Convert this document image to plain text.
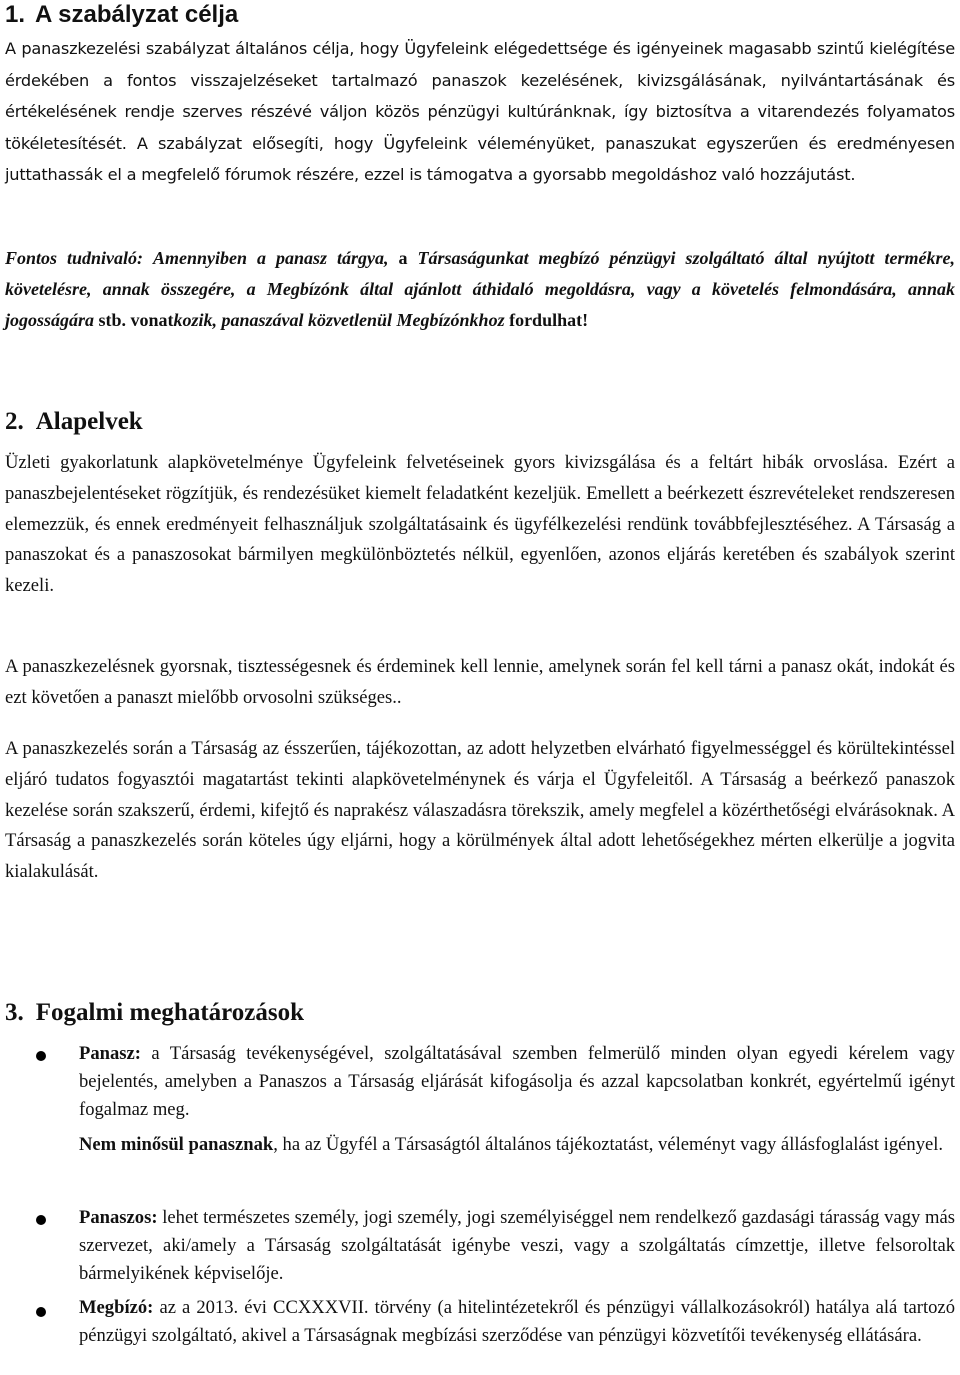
1. A szabályzat célja

A panaszkezelési szabályzat általános célja, hogy Ügyfeleink elégedettsége és igényeinek magasabb szintű kielégítése érdekében a fontos visszajelzéseket tartalmazó panaszok kezelésének, kivizsgálásának, nyilvántartásának és értékelésének rendje szerves részévé váljon közös pénzügyi kultúránknak, így biztosítva a vitarendezés folyamatos tökéletesítését. A szabályzat elősegíti, hogy Ügyfeleink véleményüket, panaszukat egyszerűen és eredményesen juttathassák el a megfelelő fórumok részére, ezzel is támogatva a gyorsabb megoldáshoz való hozzájutást.

Fontos tudnivaló: Amennyiben a panasz tárgya, a Társaságunkat megbízó pénzügyi szolgáltató által nyújtott termékre, követelésre, annak összegére, a Megbízónk által ajánlott áthidaló megoldásra, vagy a követelés felmondására, annak jogosságára stb. vonatkozik, panaszával közvetlenül Megbízónkhoz fordulhat!

2. Alapelvek

Üzleti gyakorlatunk alapkövetelménye Ügyfeleink felvetéseinek gyors kivizsgálása és a feltárt hibák orvoslása. Ezért a panaszbejelentéseket rögzítjük, és rendezésüket kiemelt feladatként kezeljük. Emellett a beérkezett észrevételeket rendszeresen elemezzük, és ennek eredményeit felhasználjuk szolgáltatásaink és ügyfélkezelési rendünk továbbfejlesztéséhez. A Társaság a panaszokat és a panaszosokat bármilyen megkülönböztetés nélkül, egyenlően, azonos eljárás keretében és szabályok szerint kezeli.

A panaszkezelésnek gyorsnak, tisztességesnek és érdeminek kell lennie, amelynek során fel kell tárni a panasz okát, indokát és ezt követően a panaszt mielőbb orvosolni szükséges..

A panaszkezelés során a Társaság az ésszerűen, tájékozottan, az adott helyzetben elvárható figyelmességgel és körültekintéssel eljáró tudatos fogyasztói magatartást tekinti alapkövetelménynek és várja el Ügyfeleitől. A Társaság a beérkező panaszok kezelése során szakszerű, érdemi, kifejtő és naprakész válaszadásra törekszik, amely megfelel a közérthetőségi elvárásoknak. A Társaság a panaszkezelés során köteles úgy eljárni, hogy a körülmények által adott lehetőségekhez mérten elkerülje a jogvita kialakulását.

3. Fogalmi meghatározások

Panasz: a Társaság tevékenységével, szolgáltatásával szemben felmerülő minden olyan egyedi kérelem vagy bejelentés, amelyben a Panaszos a Társaság eljárását kifogásolja és azzal kapcsolatban konkrét, egyértelmű igényt fogalmaz meg.

Nem minősül panasznak, ha az Ügyfél a Társaságtól általános tájékoztatást, véleményt vagy állásfoglalást igényel.

Panaszos: lehet természetes személy, jogi személy, jogi személyiséggel nem rendelkező gazdasági tárasság vagy más szervezet, aki/amely a Társaság szolgáltatását igénybe veszi, vagy a szolgáltatás címzettje, illetve felsoroltak bármelyikének képviselője.

Megbízó: az a 2013. évi CCXXXVII. törvény (a hitelintézetekről és pénzügyi vállalkozásokról) hatálya alá tartozó pénzügyi szolgáltató, akivel a Társaságnak megbízási szerződése van pénzügyi közvetítői tevékenység ellátására.
